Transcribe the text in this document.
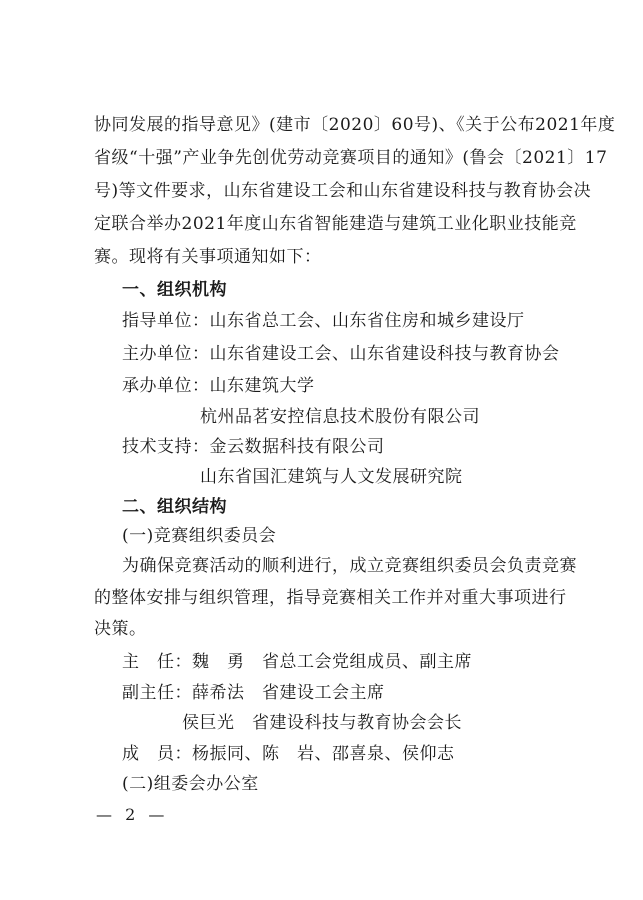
协同发展的指导意见》(建市〔2020〕60号)、《关于公布2021年度
省级“十强”产业争先创优劳动竞赛项目的通知》(鲁会〔2021〕17
号)等文件要求，山东省建设工会和山东省建设科技与教育协会决
定联合举办2021年度山东省智能建造与建筑工业化职业技能竞
赛。现将有关事项通知如下：
一、组织机构
指导单位：山东省总工会、山东省住房和城乡建设厅
主办单位：山东省建设工会、山东省建设科技与教育协会
承办单位：山东建筑大学
杭州品茗安控信息技术股份有限公司
技术支持：金云数据科技有限公司
山东省国汇建筑与人文发展研究院
二、组织结构
(一)竞赛组织委员会
为确保竞赛活动的顺利进行，成立竞赛组织委员会负责竞赛
的整体安排与组织管理，指导竞赛相关工作并对重大事项进行
决策。
主　任：魏　勇　省总工会党组成员、副主席
副主任：薛希法　省建设工会主席
侯巨光　省建设科技与教育协会会长
成　员：杨振同、陈　岩、邵喜泉、侯仰志
(二)组委会办公室
— 2 —
